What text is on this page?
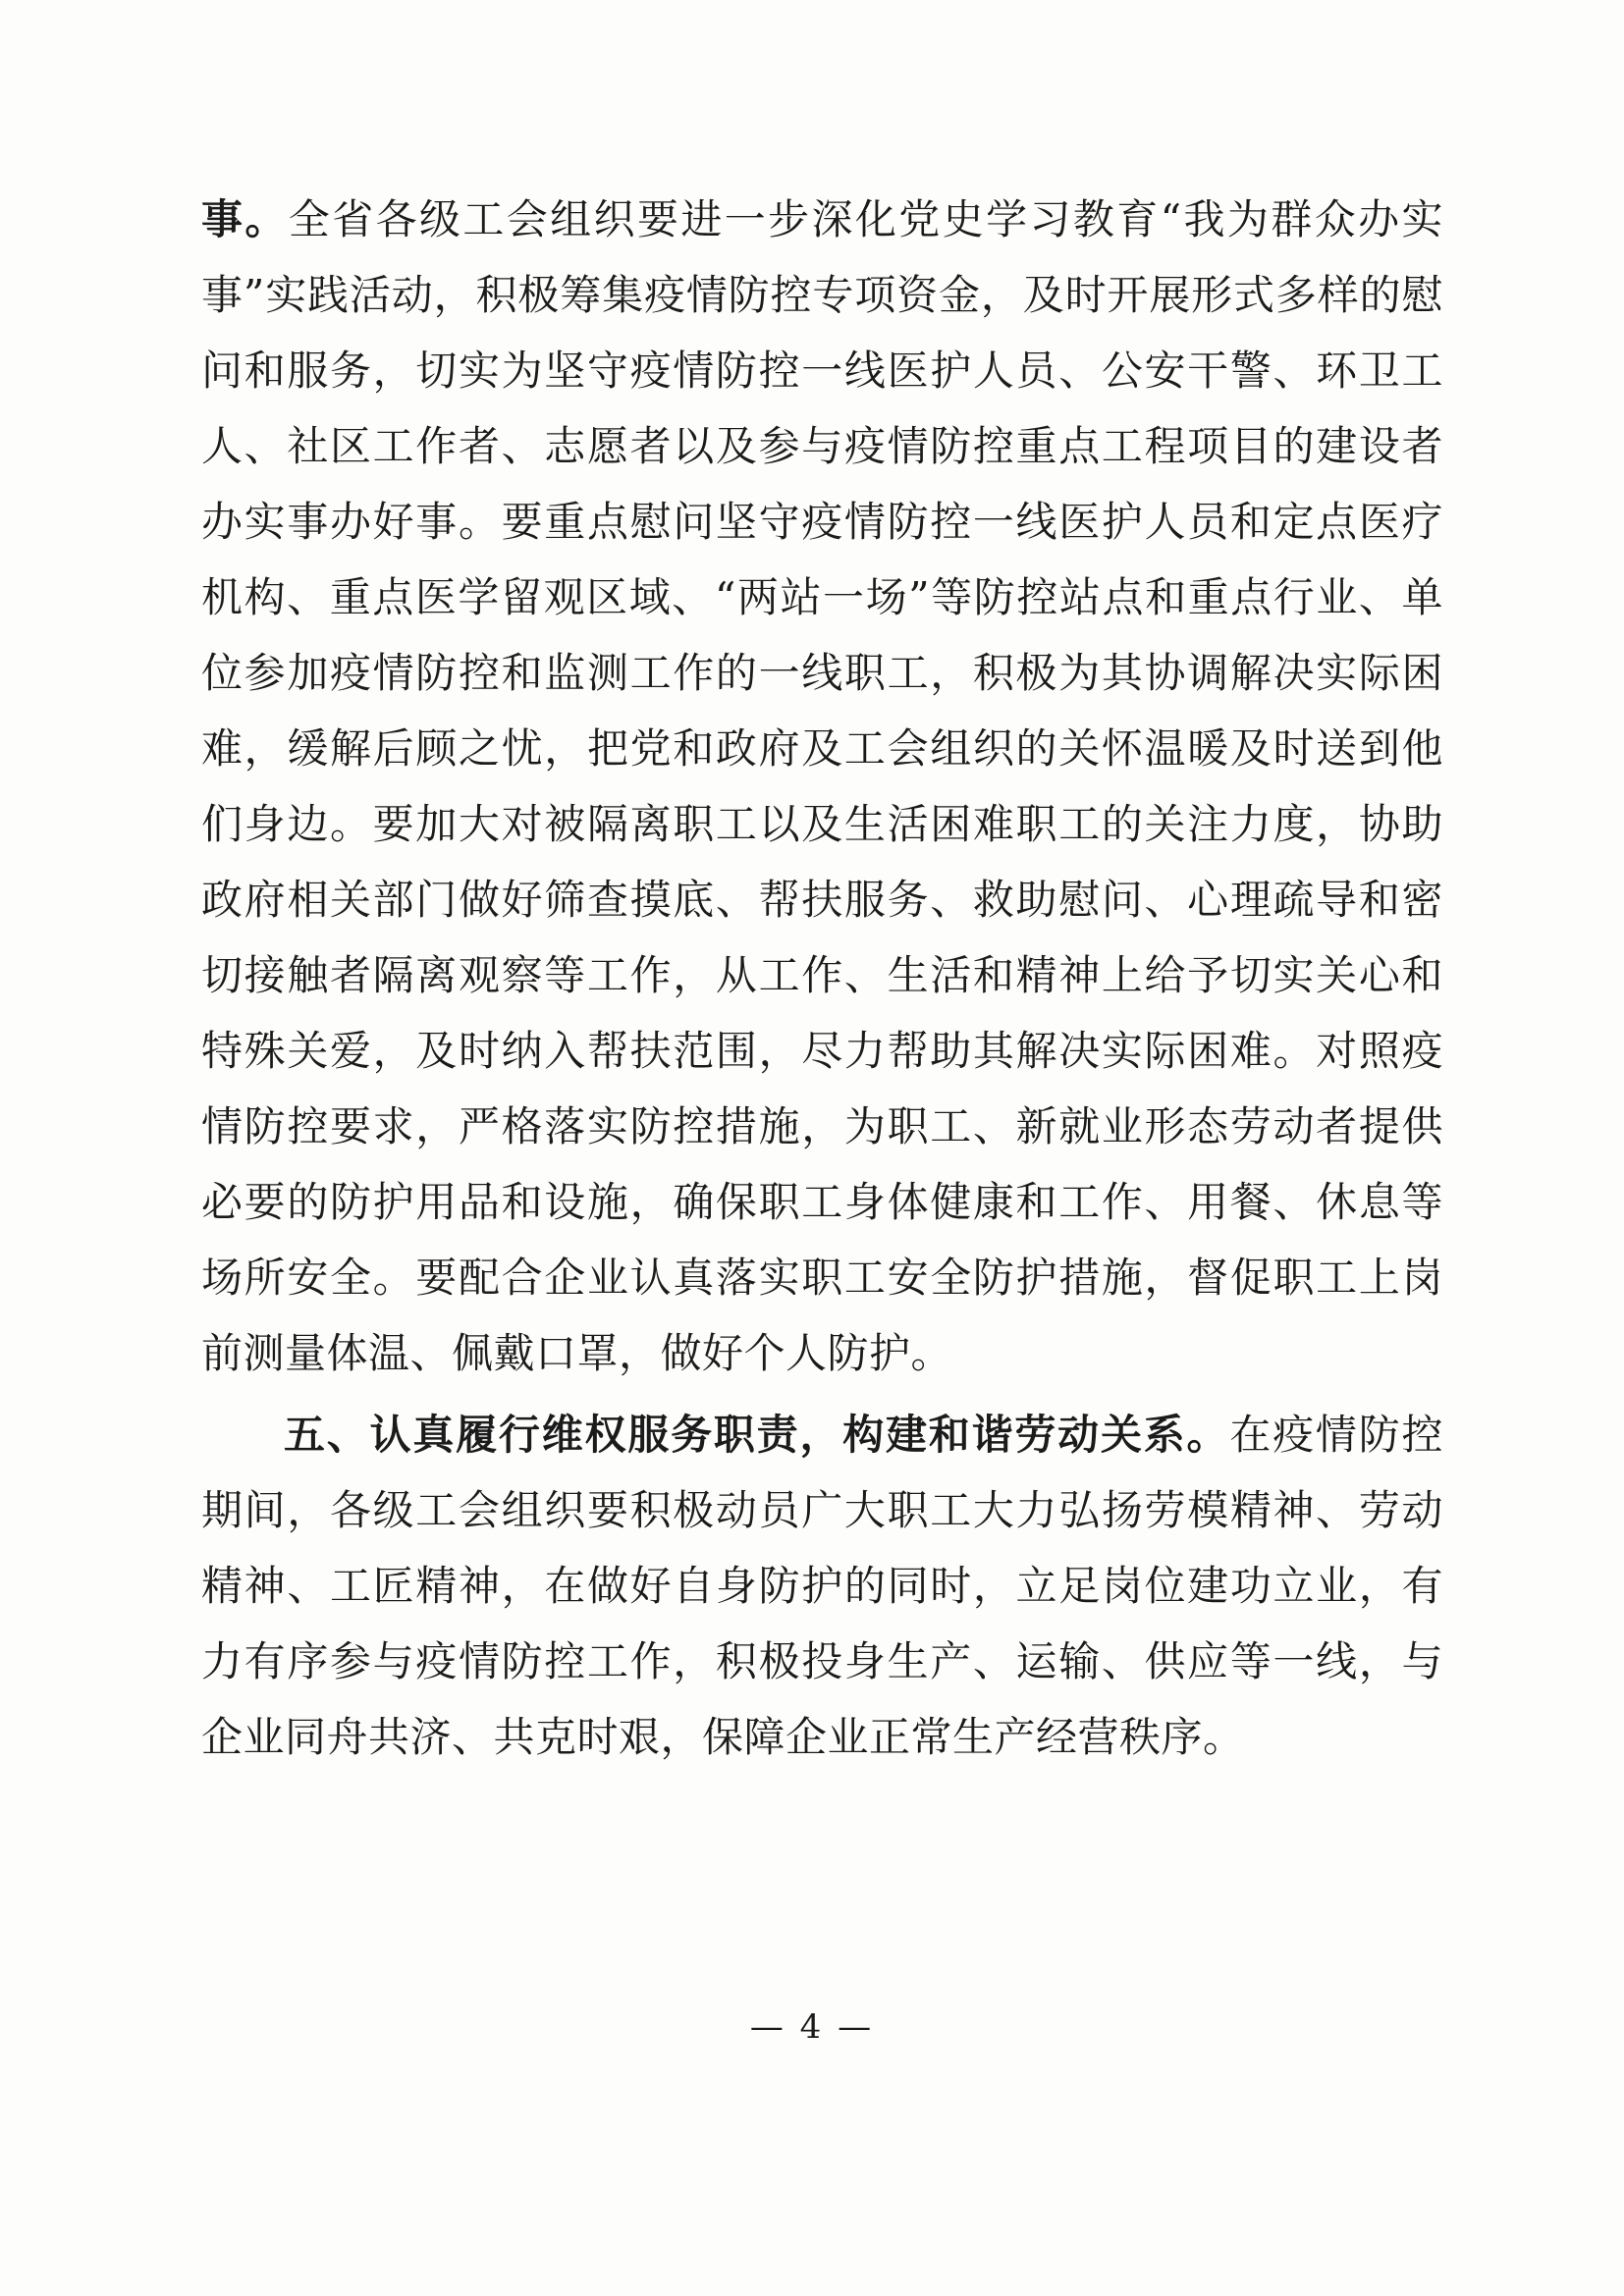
事。全省各级工会组织要进一步深化党史学习教育“我为群众办实事”实践活动，积极筹集疫情防控专项资金，及时开展形式多样的慰问和服务，切实为坚守疫情防控一线医护人员、公安干警、环卫工人、社区工作者、志愿者以及参与疫情防控重点工程项目的建设者办实事办好事。要重点慰问坚守疫情防控一线医护人员和定点医疗机构、重点医学留观区域、“两站一场”等防控站点和重点行业、单位参加疫情防控和监测工作的一线职工，积极为其协调解决实际困难，缓解后顾之忧，把党和政府及工会组织的关怀温暖及时送到他们身边。要加大对被隔离职工以及生活困难职工的关注力度，协助政府相关部门做好筛查摸底、帮扶服务、救助慰问、心理疏导和密切接触者隔离观察等工作，从工作、生活和精神上给予切实关心和特殊关爱，及时纳入帮扶范围，尽力帮助其解决实际困难。对照疫情防控要求，严格落实防控措施，为职工、新就业形态劳动者提供必要的防护用品和设施，确保职工身体健康和工作、用餐、休息等场所安全。要配合企业认真落实职工安全防护措施，督促职工上岗前测量体温、佩戴口罩，做好个人防护。

五、认真履行维权服务职责，构建和谐劳动关系。在疫情防控期间，各级工会组织要积极动员广大职工大力弘扬劳模精神、劳动精神、工匠精神，在做好自身防护的同时，立足岗位建功立业，有力有序参与疫情防控工作，积极投身生产、运输、供应等一线，与企业同舟共济、共克时艰，保障企业正常生产经营秩序。

— 4 —
